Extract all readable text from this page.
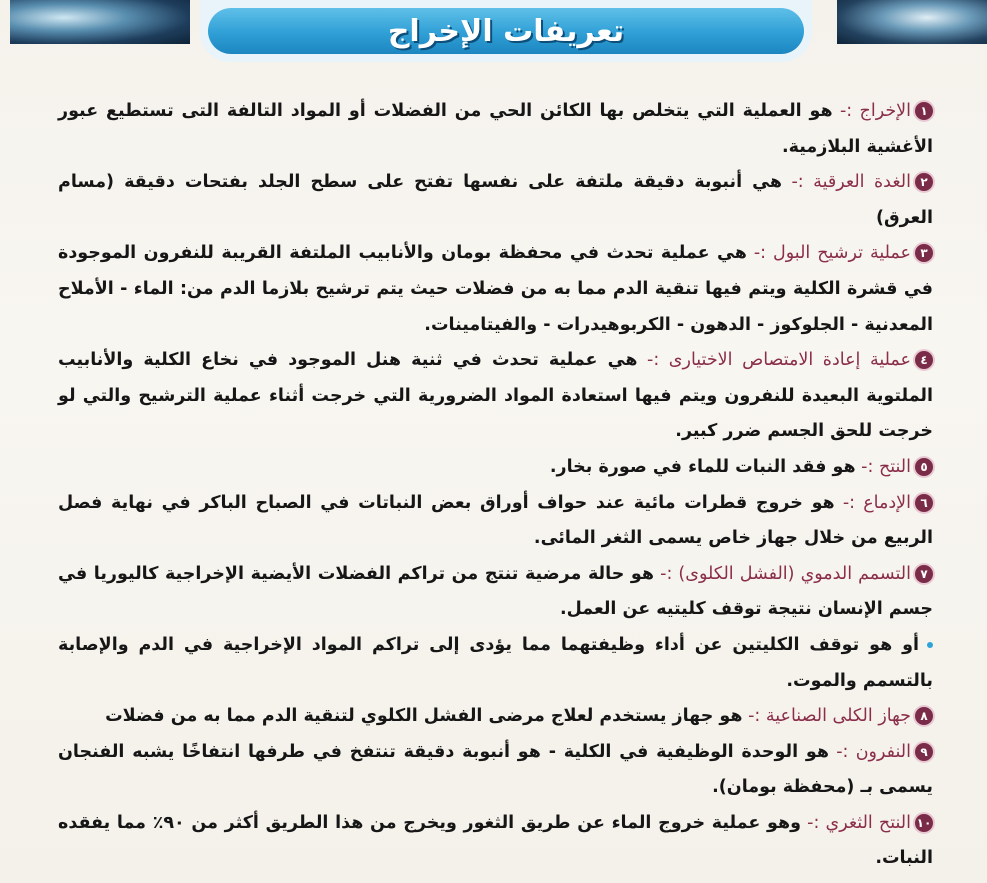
تعريفات الإخراج

١الإخراج :- هو العملية التي يتخلص بها الكائن الحي من الفضلات أو المواد التالفة التى تستطيع عبور الأغشية البلازمية.

٢الغدة العرقية :- هي أنبوبة دقيقة ملتفة على نفسها تفتح على سطح الجلد بفتحات دقيقة (مسام العرق)

٣عملية ترشيح البول :- هي عملية تحدث في محفظة بومان والأنابيب الملتفة القريبة للنفرون الموجودة في قشرة الكلية ويتم فيها تنقية الدم مما به من فضلات حيث يتم ترشيح بلازما الدم من: الماء - الأملاح المعدنية - الجلوكوز - الدهون - الكربوهيدرات - والفيتامينات.

٤عملية إعادة الامتصاص الاختيارى :- هي عملية تحدث في ثنية هنل الموجود في نخاع الكلية والأنابيب الملتوية البعيدة للنفرون ويتم فيها استعادة المواد الضرورية التي خرجت أثناء عملية الترشيح والتي لو خرجت للحق الجسم ضرر كبير.

٥النتح :- هو فقد النبات للماء في صورة بخار.

٦الإدماع :- هو خروج قطرات مائية عند حواف أوراق بعض النباتات في الصباح الباكر في نهاية فصل الربيع من خلال جهاز خاص يسمى الثغر المائى.

٧التسمم الدموي (الفشل الكلوى) :- هو حالة مرضية تنتج من تراكم الفضلات الأيضية الإخراجية كاليوريا في جسم الإنسان نتيجة توقف كليتيه عن العمل.

أو هو توقف الكليتين عن أداء وظيفتهما مما يؤدى إلى تراكم المواد الإخراجية في الدم والإصابة بالتسمم والموت.

٨جهاز الكلى الصناعية :- هو جهاز يستخدم لعلاج مرضى الفشل الكلوي لتنقية الدم مما به من فضلات

٩النفرون :- هو الوحدة الوظيفية في الكلية - هو أنبوبة دقيقة تنتفخ في طرفها انتفاخًا يشبه الفنجان يسمى بـ (محفظة بومان).

١٠النتح الثغري :- وهو عملية خروج الماء عن طريق الثغور ويخرج من هذا الطريق أكثر من ٩٠٪ مما يفقده النبات.
